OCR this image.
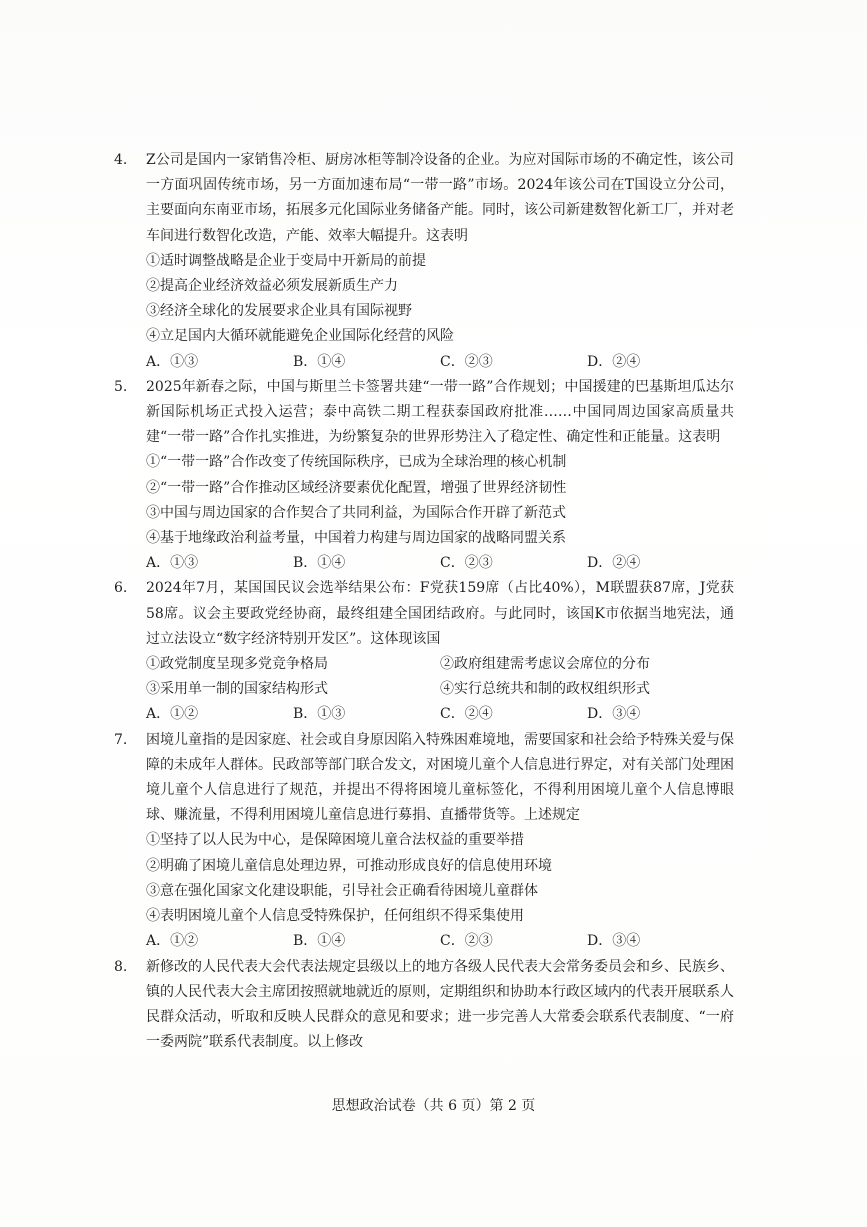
4.	Z公司是国内一家销售冷柜、厨房冰柜等制冷设备的企业。为应对国际市场的不确定性，该公司一方面巩固传统市场，另一方面加速布局“一带一路”市场。2024年该公司在T国设立分公司，主要面向东南亚市场，拓展多元化国际业务储备产能。同时，该公司新建数智化新工厂，并对老车间进行数智化改造，产能、效率大幅提升。这表明
①适时调整战略是企业于变局中开新局的前提
②提高企业经济效益必须发展新质生产力
③经济全球化的发展要求企业具有国际视野
④立足国内大循环就能避免企业国际化经营的风险
A．①③	B．①④	C．②③	D．②④
5.	2025年新春之际，中国与斯里兰卡签署共建“一带一路”合作规划；中国援建的巴基斯坦瓜达尔新国际机场正式投入运营；泰中高铁二期工程获泰国政府批准……中国同周边国家高质量共建“一带一路”合作扎实推进，为纷繁复杂的世界形势注入了稳定性、确定性和正能量。这表明
①“一带一路”合作改变了传统国际秩序，已成为全球治理的核心机制
②“一带一路”合作推动区域经济要素优化配置，增强了世界经济韧性
③中国与周边国家的合作契合了共同利益，为国际合作开辟了新范式
④基于地缘政治利益考量，中国着力构建与周边国家的战略同盟关系
A．①③	B．①④	C．②③	D．②④
6.	2024年7月，某国国民议会选举结果公布：F党获159席（占比40%），M联盟获87席，J党获58席。议会主要政党经协商，最终组建全国团结政府。与此同时，该国K市依据当地宪法，通过立法设立“数字经济特别开发区”。这体现该国
①政党制度呈现多党竞争格局	②政府组建需考虑议会席位的分布
③采用单一制的国家结构形式	④实行总统共和制的政权组织形式
A．①②	B．①③	C．②④	D．③④
7.	困境儿童指的是因家庭、社会或自身原因陷入特殊困难境地，需要国家和社会给予特殊关爱与保障的未成年人群体。民政部等部门联合发文，对困境儿童个人信息进行界定，对有关部门处理困境儿童个人信息进行了规范，并提出不得将困境儿童标签化，不得利用困境儿童个人信息博眼球、赚流量，不得利用困境儿童信息进行募捐、直播带货等。上述规定
①坚持了以人民为中心，是保障困境儿童合法权益的重要举措
②明确了困境儿童信息处理边界，可推动形成良好的信息使用环境
③意在强化国家文化建设职能，引导社会正确看待困境儿童群体
④表明困境儿童个人信息受特殊保护，任何组织不得采集使用
A．①②	B．①④	C．②③	D．③④
8.	新修改的人民代表大会代表法规定县级以上的地方各级人民代表大会常务委员会和乡、民族乡、镇的人民代表大会主席团按照就地就近的原则，定期组织和协助本行政区域内的代表开展联系人民群众活动，听取和反映人民群众的意见和要求；进一步完善人大常委会联系代表制度、“一府一委两院”联系代表制度。以上修改
思想政治试卷（共 6 页）第 2 页
